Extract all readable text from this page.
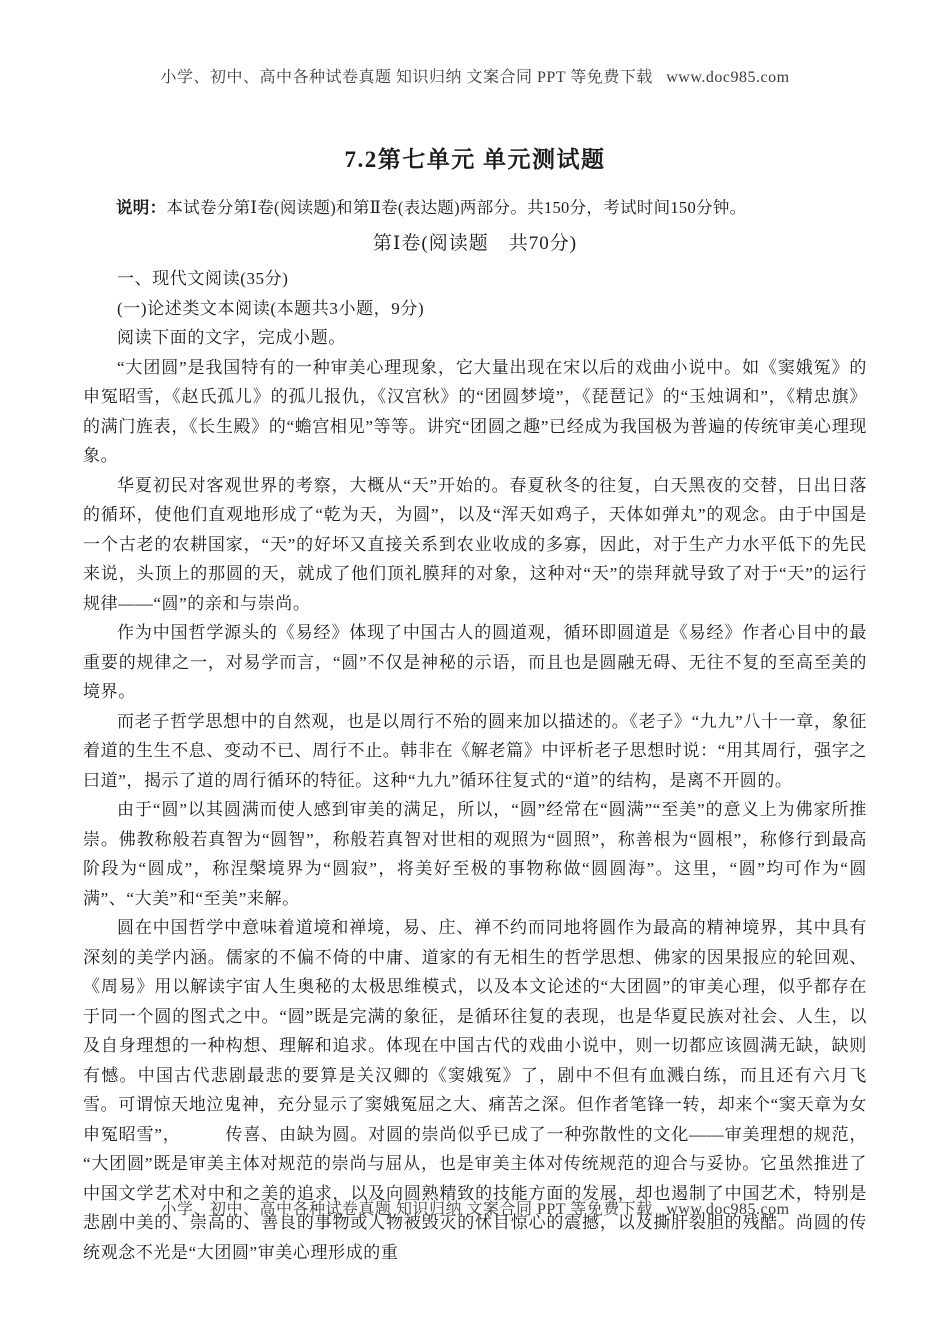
小学、初中、高中各种试卷真题 知识归纳 文案合同 PPT 等免费下载   www.doc985.com
7.2第七单元 单元测试题

说明：本试卷分第Ⅰ卷(阅读题)和第Ⅱ卷(表达题)两部分。共150分，考试时间150分钟。

第Ⅰ卷(阅读题　共70分)

一、现代文阅读(35分)

(一)论述类文本阅读(本题共3小题，9分)

阅读下面的文字，完成小题。

“大团圆”是我国特有的一种审美心理现象，它大量出现在宋以后的戏曲小说中。如《窦娥冤》的申冤昭雪，《赵氏孤儿》的孤儿报仇，《汉宫秋》的“团圆梦境”，《琵琶记》的“玉烛调和”，《精忠旗》的满门旌表，《长生殿》的“蟾宫相见”等等。讲究“团圆之趣”已经成为我国极为普遍的传统审美心理现象。

华夏初民对客观世界的考察，大概从“天”开始的。春夏秋冬的往复，白天黑夜的交替，日出日落的循环，使他们直观地形成了“乾为天，为圆”，以及“浑天如鸡子，天体如弹丸”的观念。由于中国是一个古老的农耕国家，“天”的好坏又直接关系到农业收成的多寡，因此，对于生产力水平低下的先民来说，头顶上的那圆的天，就成了他们顶礼膜拜的对象，这种对“天”的崇拜就导致了对于“天”的运行规律——“圆”的亲和与崇尚。

作为中国哲学源头的《易经》体现了中国古人的圆道观，循环即圆道是《易经》作者心目中的最重要的规律之一，对易学而言，“圆”不仅是神秘的示语，而且也是圆融无碍、无往不复的至高至美的境界。

而老子哲学思想中的自然观，也是以周行不殆的圆来加以描述的。《老子》“九九”八十一章，象征着道的生生不息、变动不已、周行不止。韩非在《解老篇》中评析老子思想时说：“用其周行，强字之曰道”，揭示了道的周行循环的特征。这种“九九”循环往复式的“道”的结构，是离不开圆的。

由于“圆”以其圆满而使人感到审美的满足，所以，“圆”经常在“圆满”“至美”的意义上为佛家所推崇。佛教称般若真智为“圆智”，称般若真智对世相的观照为“圆照”，称善根为“圆根”，称修行到最高阶段为“圆成”，称涅槃境界为“圆寂”，将美好至极的事物称做“圆圆海”。这里，“圆”均可作为“圆满”、“大美”和“至美”来解。

圆在中国哲学中意味着道境和禅境，易、庄、禅不约而同地将圆作为最高的精神境界，其中具有深刻的美学内涵。儒家的不偏不倚的中庸、道家的有无相生的哲学思想、佛家的因果报应的轮回观、《周易》用以解读宇宙人生奥秘的太极思维模式，以及本文论述的“大团圆”的审美心理，似乎都存在于同一个圆的图式之中。“圆”既是完满的象征，是循环往复的表现，也是华夏民族对社会、人生，以及自身理想的一种构想、理解和追求。体现在中国古代的戏曲小说中，则一切都应该圆满无缺，缺则有憾。中国古代悲剧最悲的要算是关汉卿的《窦娥冤》了，剧中不但有血溅白练，而且还有六月飞雪。可谓惊天地泣鬼神，充分显示了窦娥冤屈之大、痛苦之深。但作者笔锋一转，却来个“窦天章为女申冤昭雪”，　　　传喜、由缺为圆。对圆的崇尚似乎已成了一种弥散性的文化——审美理想的规范，“大团圆”既是审美主体对规范的崇尚与屈从，也是审美主体对传统规范的迎合与妥协。它虽然推进了中国文学艺术对中和之美的追求，以及向圆熟精致的技能方面的发展，却也遏制了中国艺术，特别是悲剧中美的、崇高的、善良的事物或人物被毁灭的怵目惊心的震撼，以及撕肝裂胆的残酷。尚圆的传统观念不光是“大团圆”审美心理形成的重

小学、初中、高中各种试卷真题 知识归纳 文案合同 PPT 等免费下载   www.doc985.com
